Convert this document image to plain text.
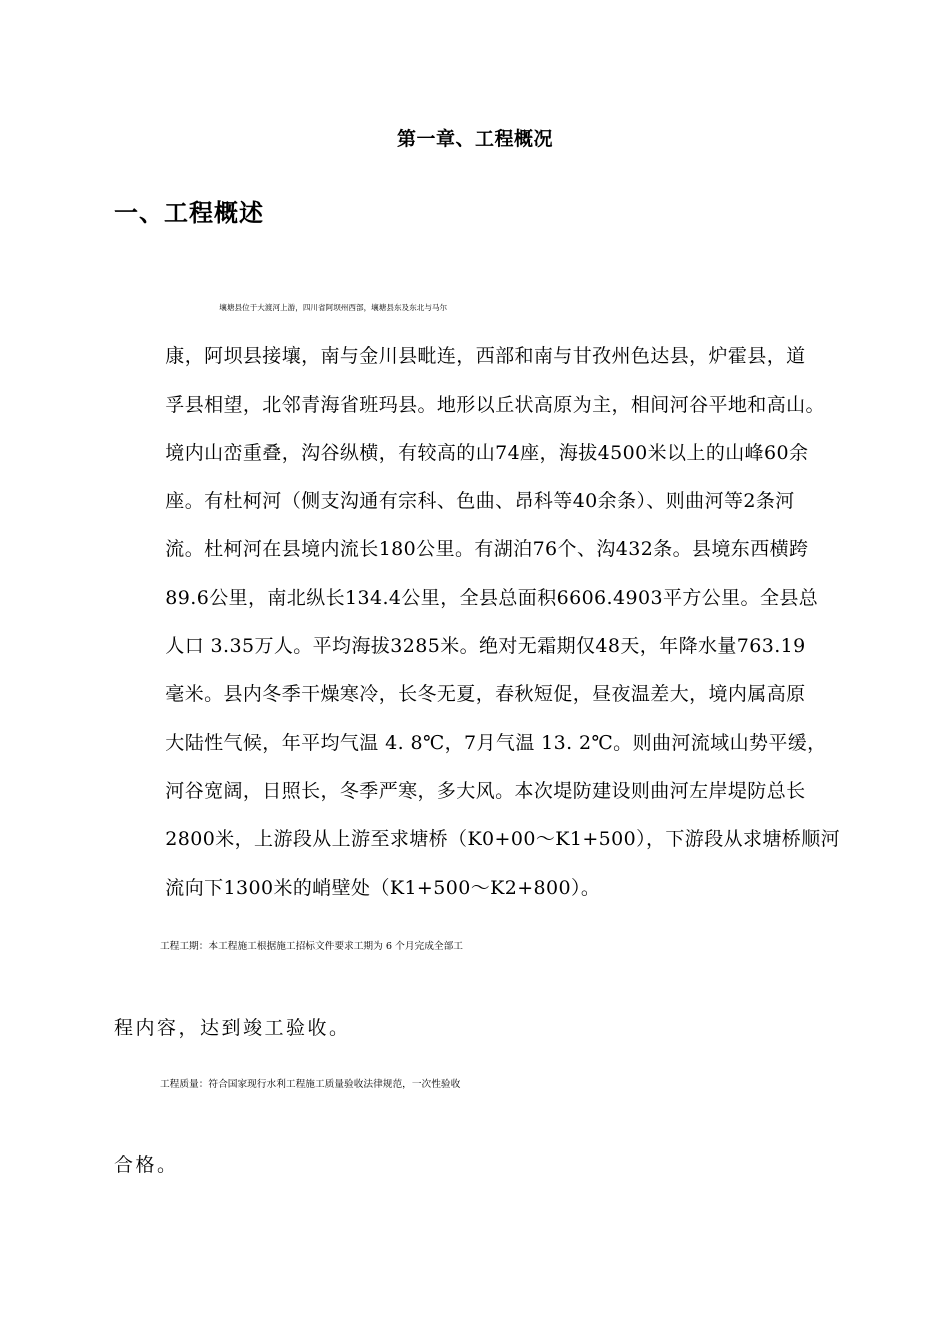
第一章、工程概况
一、工程概述
壤塘县位于大渡河上游，四川省阿坝州西部，壤塘县东及东北与马尔
康，阿坝县接壤，南与金川县毗连，西部和南与甘孜州色达县，炉霍县，道
孚县相望，北邻青海省班玛县。地形以丘状高原为主，相间河谷平地和高山。
境内山峦重叠，沟谷纵横，有较高的山74座，海拔4500米以上的山峰60余
座。有杜柯河（侧支沟通有宗科、色曲、昂科等40余条）、则曲河等2条河
流。杜柯河在县境内流长180公里。有湖泊76个、沟432条。县境东西横跨
89.6公里，南北纵长134.4公里，全县总面积6606.4903平方公里。全县总
人口 3.35万人。平均海拔3285米。绝对无霜期仅48天，年降水量763.19
毫米。县内冬季干燥寒冷，长冬无夏，春秋短促，昼夜温差大，境内属高原
大陆性气候，年平均气温 4. 8℃，7月气温 13. 2℃。则曲河流域山势平缓，
河谷宽阔，日照长，冬季严寒，多大风。本次堤防建设则曲河左岸堤防总长
2800米，上游段从上游至求塘桥（K0+00～K1+500），下游段从求塘桥顺河
流向下1300米的峭壁处（K1+500～K2+800）。
工程工期：本工程施工根据施工招标文件要求工期为 6 个月完成全部工
程内容，达到竣工验收。
工程质量：符合国家现行水利工程施工质量验收法律规范，一次性验收
合格。
